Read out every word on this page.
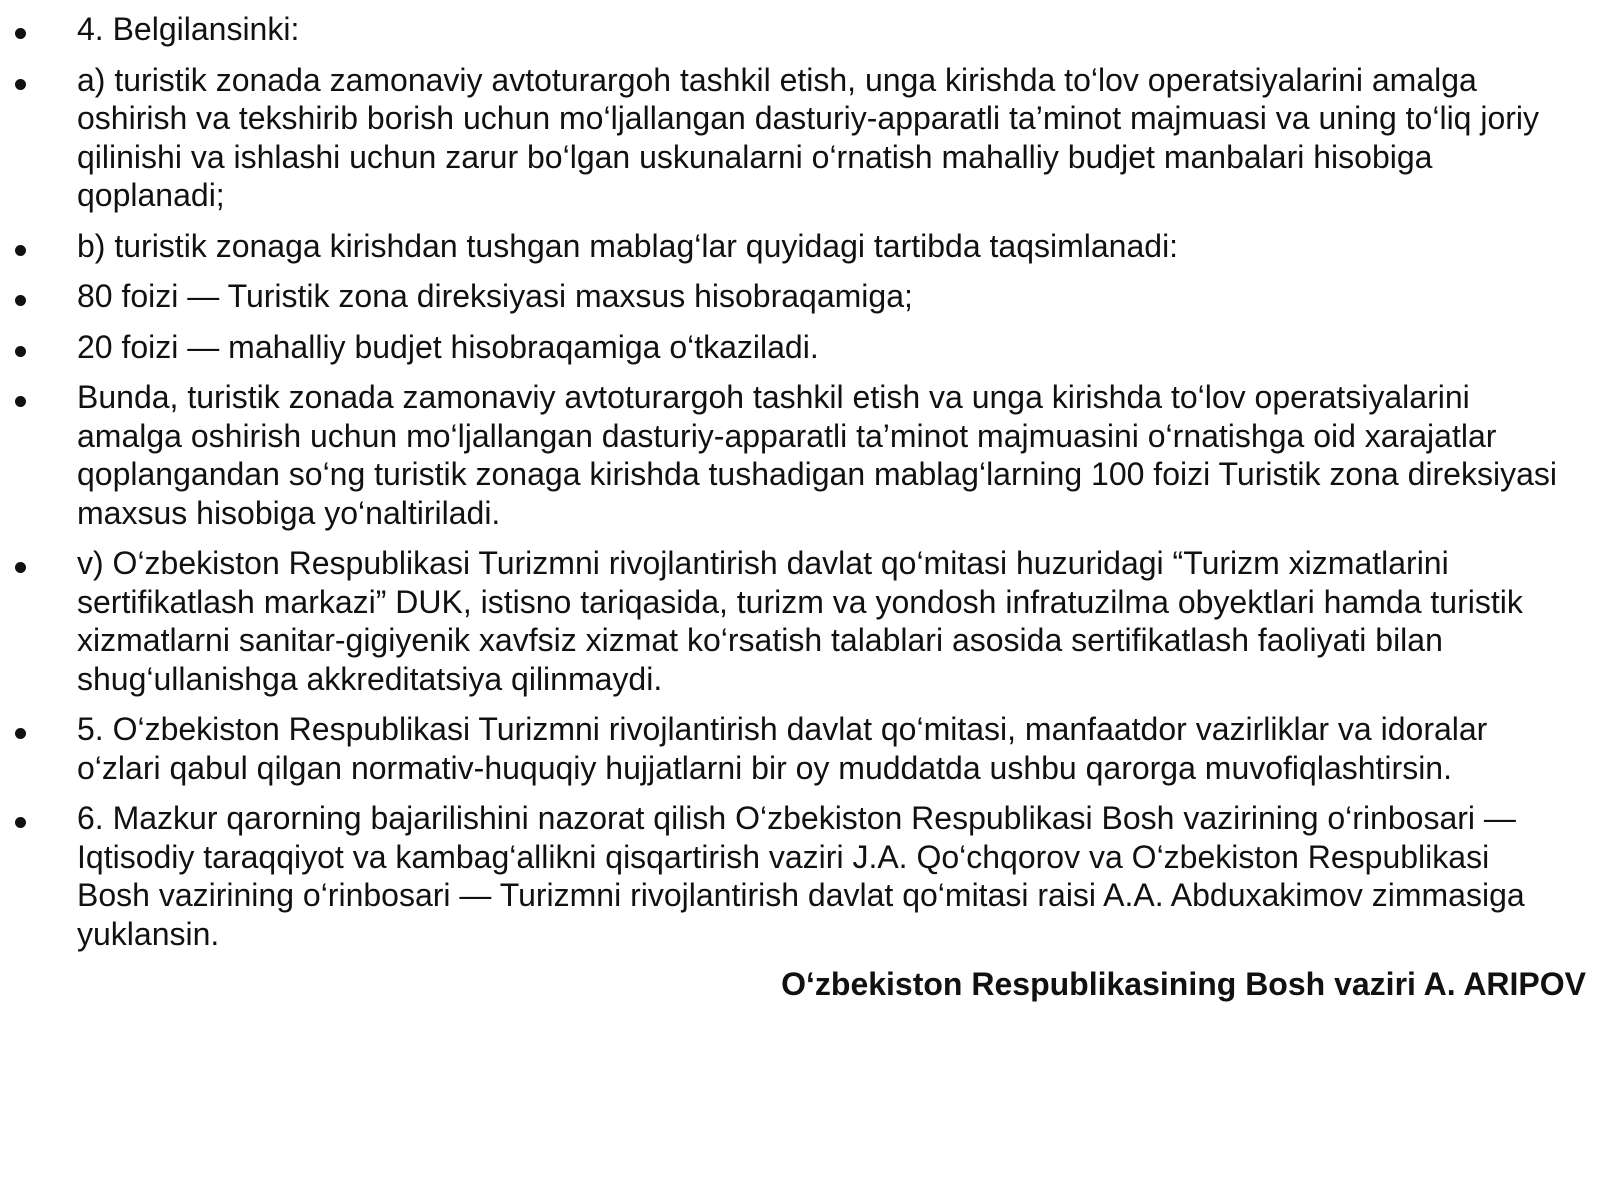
4. Belgilansinki:
a) turistik zonada zamonaviy avtoturargoh tashkil etish, unga kirishda to‘lov operatsiyalarini amalga oshirish va tekshirib borish uchun mo‘ljallangan dasturiy-apparatli ta’minot majmuasi va uning to‘liq joriy qilinishi va ishlashi uchun zarur bo‘lgan uskunalarni o‘rnatish mahalliy budjet manbalari hisobiga qoplanadi;
b) turistik zonaga kirishdan tushgan mablag‘lar quyidagi tartibda taqsimlanadi:
80 foizi — Turistik zona direksiyasi maxsus hisobraqamiga;
20 foizi — mahalliy budjet hisobraqamiga o‘tkaziladi.
Bunda, turistik zonada zamonaviy avtoturargoh tashkil etish va unga kirishda to‘lov operatsiyalarini amalga oshirish uchun mo‘ljallangan dasturiy-apparatli ta’minot majmuasini o‘rnatishga oid xarajatlar qoplangandan so‘ng turistik zonaga kirishda tushadigan mablag‘larning 100 foizi Turistik zona direksiyasi maxsus hisobiga yo‘naltiriladi.
v) O‘zbekiston Respublikasi Turizmni rivojlantirish davlat qo‘mitasi huzuridagi “Turizm xizmatlarini sertifikatlash markazi” DUK, istisno tariqasida, turizm va yondosh infratuzilma obyektlari hamda turistik xizmatlarni sanitar-gigiyenik xavfsiz xizmat ko‘rsatish talablari asosida sertifikatlash faoliyati bilan shug‘ullanishga akkreditatsiya qilinmaydi.
5. O‘zbekiston Respublikasi Turizmni rivojlantirish davlat qo‘mitasi, manfaatdor vazirliklar va idoralar o‘zlari qabul qilgan normativ-huquqiy hujjatlarni bir oy muddatda ushbu qarorga muvofiqlashtirsin.
6. Mazkur qarorning bajarilishini nazorat qilish O‘zbekiston Respublikasi Bosh vazirining o‘rinbosari — Iqtisodiy taraqqiyot va kambag‘allikni qisqartirish vaziri J.A. Qo‘chqorov va O‘zbekiston Respublikasi Bosh vazirining o‘rinbosari — Turizmni rivojlantirish davlat qo‘mitasi raisi A.A. Abduxakimov zimmasiga yuklansin.
O‘zbekiston Respublikasining Bosh vaziri A. ARIPOV
